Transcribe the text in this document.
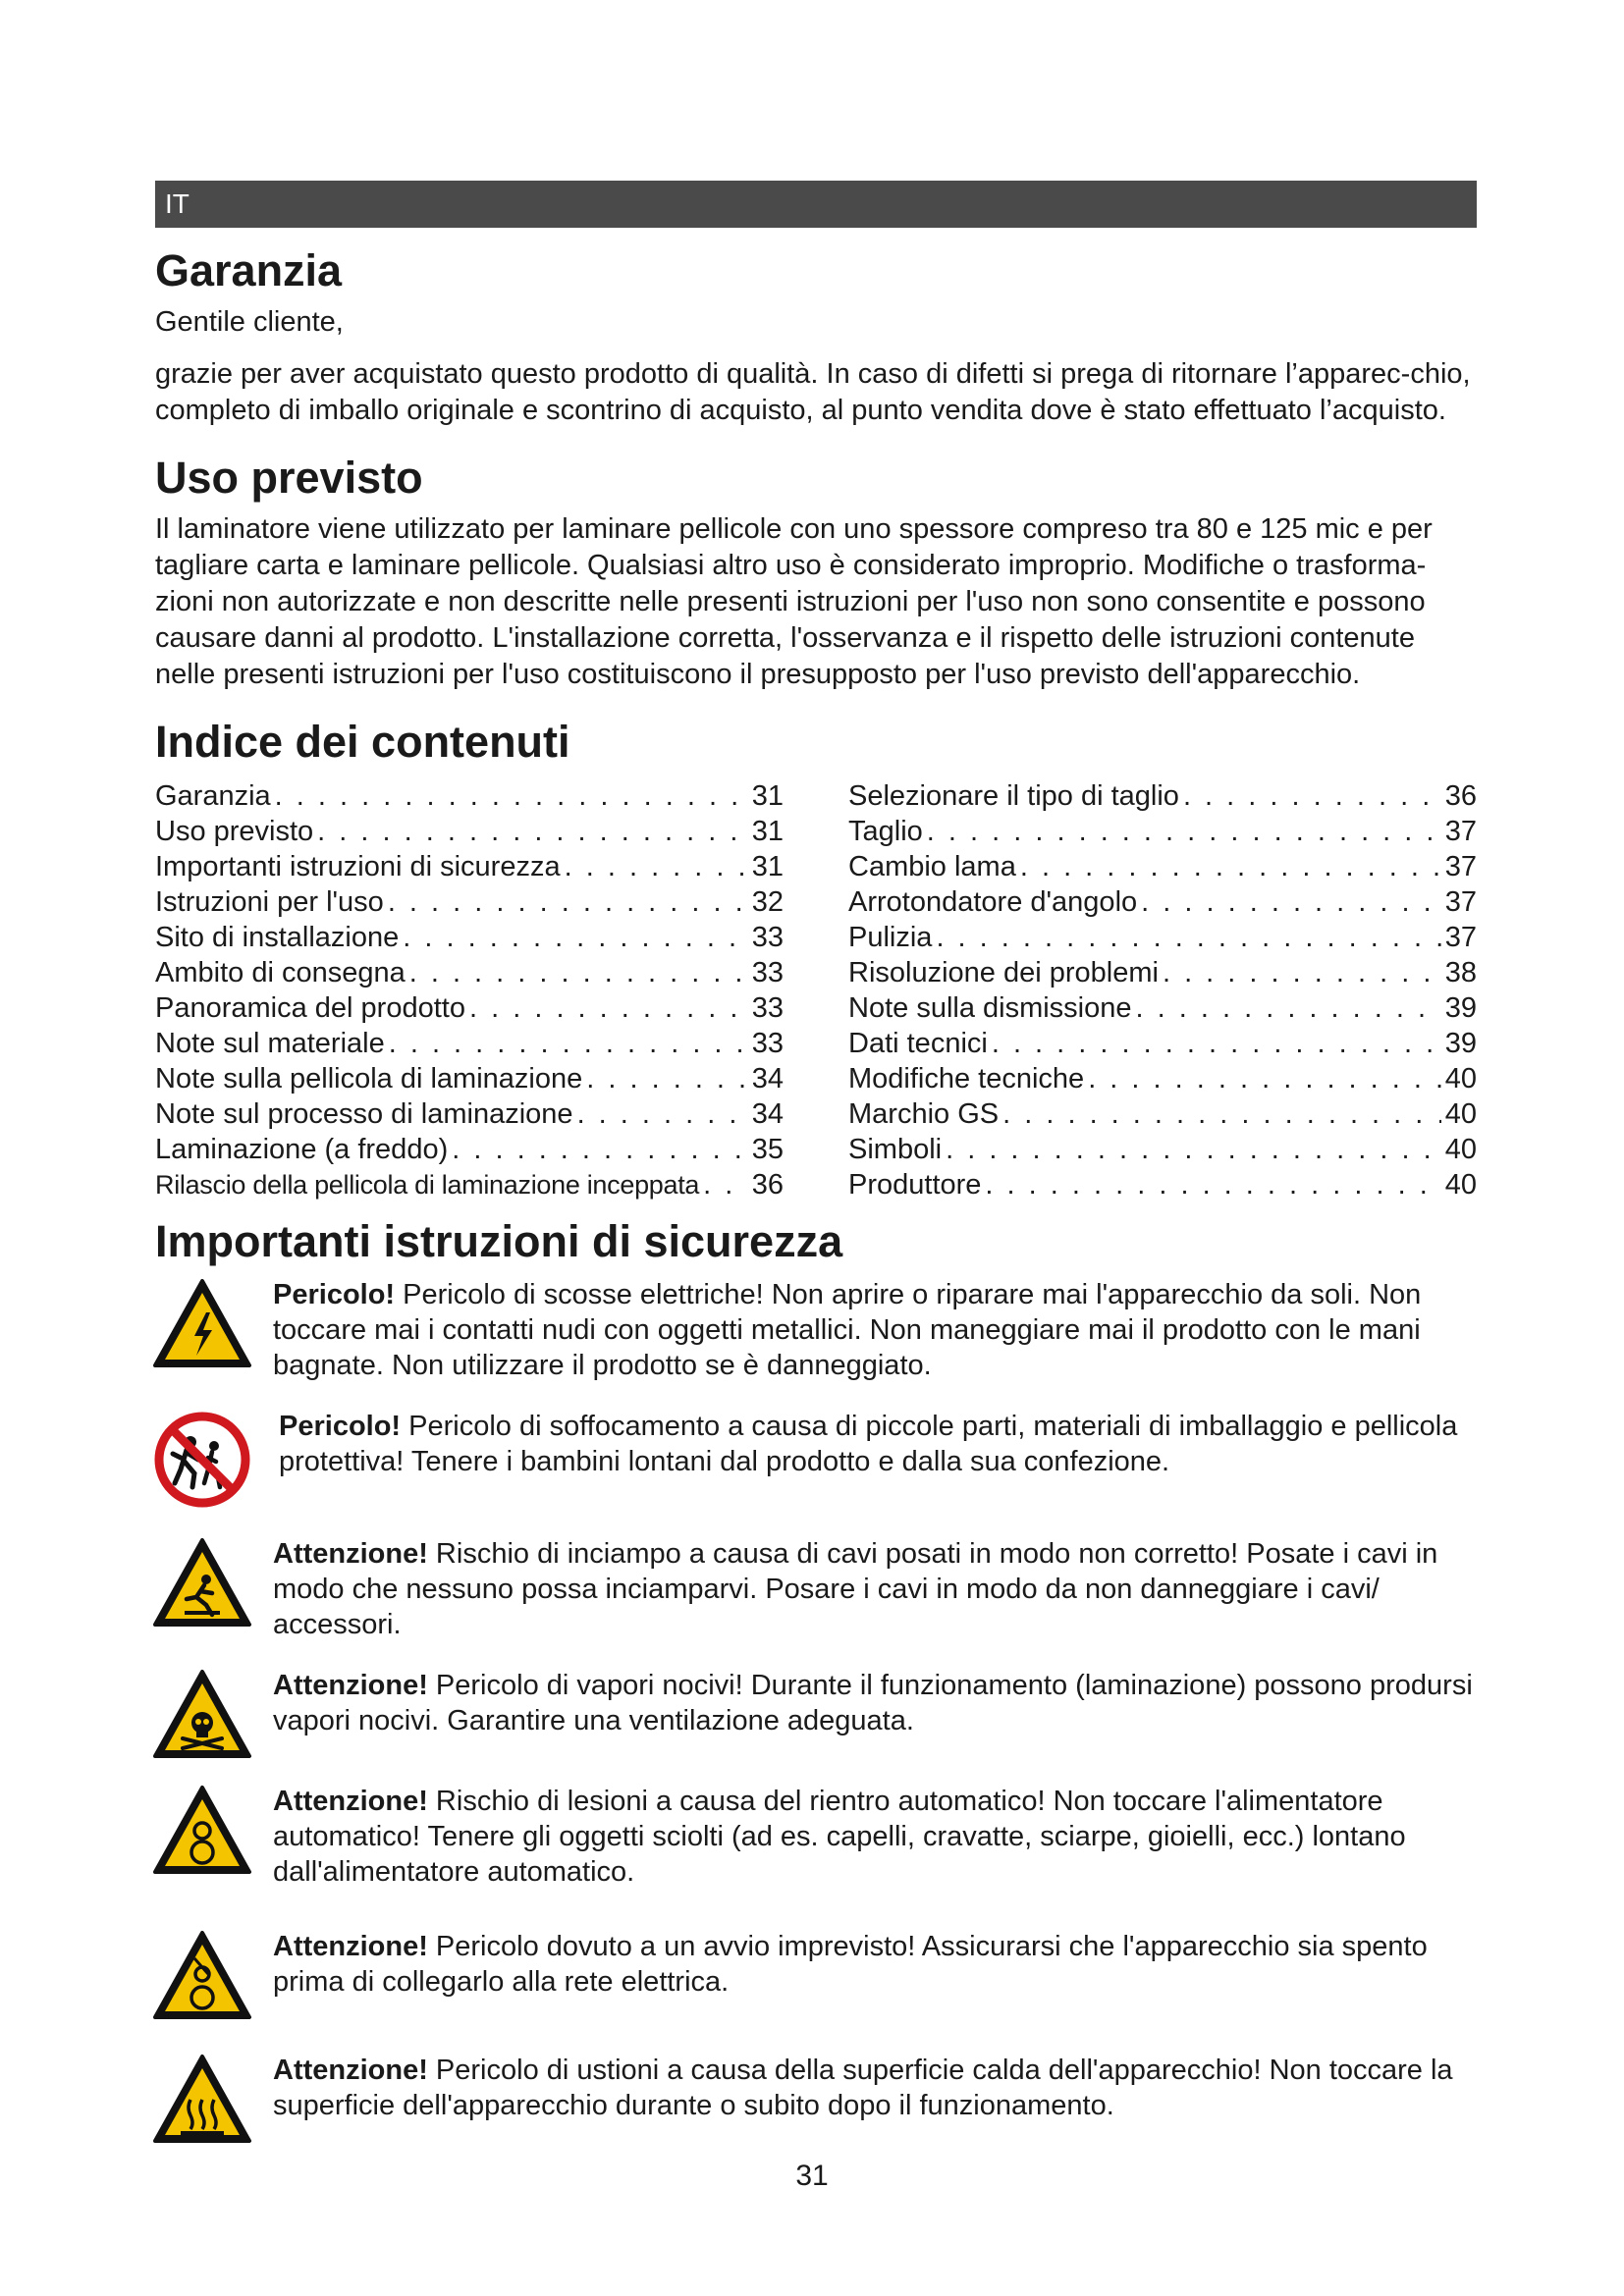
IT
Garanzia

Gentile cliente,

grazie per aver acquistato questo prodotto di qualità. In caso di difetti si prega di ritornare l’apparec-chio, completo di imballo originale e scontrino di acquisto, al punto vendita dove è stato effettuato l’acquisto.

Uso previsto

Il laminatore viene utilizzato per laminare pellicole con uno spessore compreso tra 80 e 125 mic e per tagliare carta e laminare pellicole. Qualsiasi altro uso è considerato improprio. Modifiche o trasforma-zioni non autorizzate e non descritte nelle presenti istruzioni per l'uso non sono consentite e possono causare danni al prodotto. L'installazione corretta, l'osservanza e il rispetto delle istruzioni contenute nelle presenti istruzioni per l'uso costituiscono il presupposto per l'uso previsto dell'apparecchio.

Indice dei contenuti
Garanzia . . .	31
Uso previsto . . .	31
Importanti istruzioni di sicurezza . . .	31
Istruzioni per l'uso . . .	32
Sito di installazione . . .	33
Ambito di consegna . . .	33
Panoramica del prodotto . . .	33
Note sul materiale . . .	33
Note sulla pellicola di laminazione . . .	34
Note sul processo di laminazione . . .	34
Laminazione (a freddo) . . .	35
Rilascio della pellicola di laminazione inceppata . . . 36
Selezionare il tipo di taglio . . .	36
Taglio . . .	37
Cambio lama . . .	37
Arrotondatore d'angolo . . .	37
Pulizia . . .	37
Risoluzione dei problemi . . .	38
Note sulla dismissione . . .	39
Dati tecnici . . .	39
Modifiche tecniche . . .	40
Marchio GS . . .	40
Simboli . . .	40
Produttore . . .	40
Importanti istruzioni di sicurezza
Pericolo! Pericolo di scosse elettriche! Non aprire o riparare mai l'apparecchio da soli. Non toccare mai i contatti nudi con oggetti metallici. Non maneggiare mai il prodotto con le mani bagnate. Non utilizzare il prodotto se è danneggiato.
Pericolo! Pericolo di soffocamento a causa di piccole parti, materiali di imballaggio e pellicola protettiva! Tenere i bambini lontani dal prodotto e dalla sua confezione.
Attenzione! Rischio di inciampo a causa di cavi posati in modo non corretto! Posate i cavi in modo che nessuno possa inciamparvi. Posare i cavi in modo da non danneggiare i cavi/ accessori.
Attenzione! Pericolo di vapori nocivi! Durante il funzionamento (laminazione) possono prodursi vapori nocivi. Garantire una ventilazione adeguata.
Attenzione! Rischio di lesioni a causa del rientro automatico! Non toccare l'alimentatore automatico! Tenere gli oggetti sciolti (ad es. capelli, cravatte, sciarpe, gioielli, ecc.) lontano dall'alimentatore automatico.
Attenzione! Pericolo dovuto a un avvio imprevisto! Assicurarsi che l'apparecchio sia spento prima di collegarlo alla rete elettrica.
Attenzione! Pericolo di ustioni a causa della superficie calda dell'apparecchio! Non toccare la superficie dell'apparecchio durante o subito dopo il funzionamento.
31
